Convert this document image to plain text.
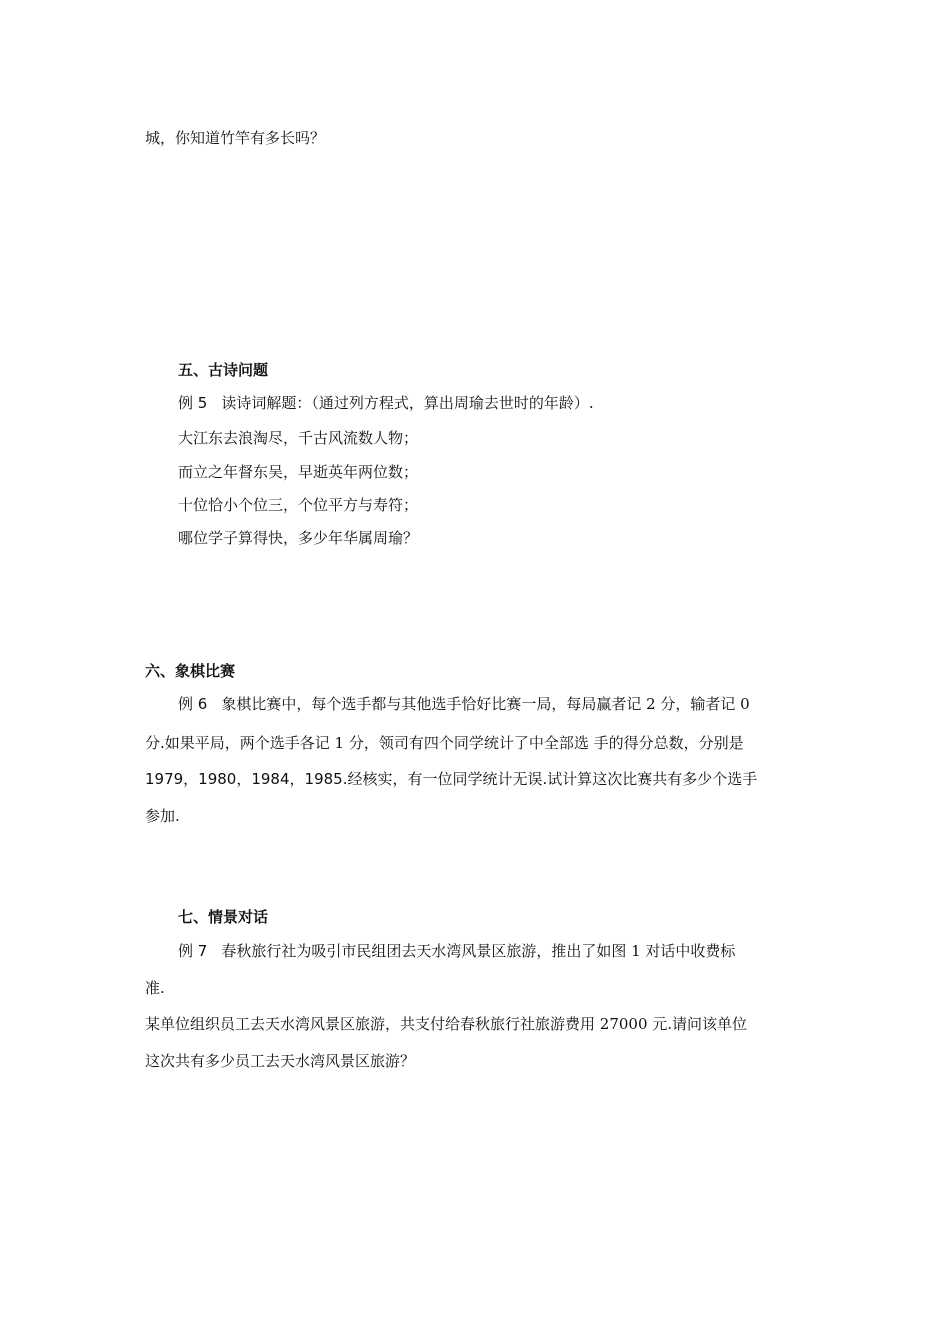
城，你知道竹竿有多长吗？
五、古诗问题
例 5 读诗词解题：（通过列方程式，算出周瑜去世时的年龄）.
大江东去浪淘尽，千古风流数人物；
而立之年督东吴，早逝英年两位数；
十位恰小个位三，个位平方与寿符；
哪位学子算得快，多少年华属周瑜？
六、象棋比赛
例 6 象棋比赛中，每个选手都与其他选手恰好比赛一局，每局赢者记 2 分，输者记 0
分.如果平局，两个选手各记 1 分，领司有四个同学统计了中全部选 手的得分总数，分别是
1979，1980，1984，1985.经核实，有一位同学统计无误.试计算这次比赛共有多少个选手
参加.
七、情景对话
例 7 春秋旅行社为吸引市民组团去天水湾风景区旅游，推出了如图 1 对话中收费标
准.
某单位组织员工去天水湾风景区旅游，共支付给春秋旅行社旅游费用 27000 元.请问该单位
这次共有多少员工去天水湾风景区旅游？
